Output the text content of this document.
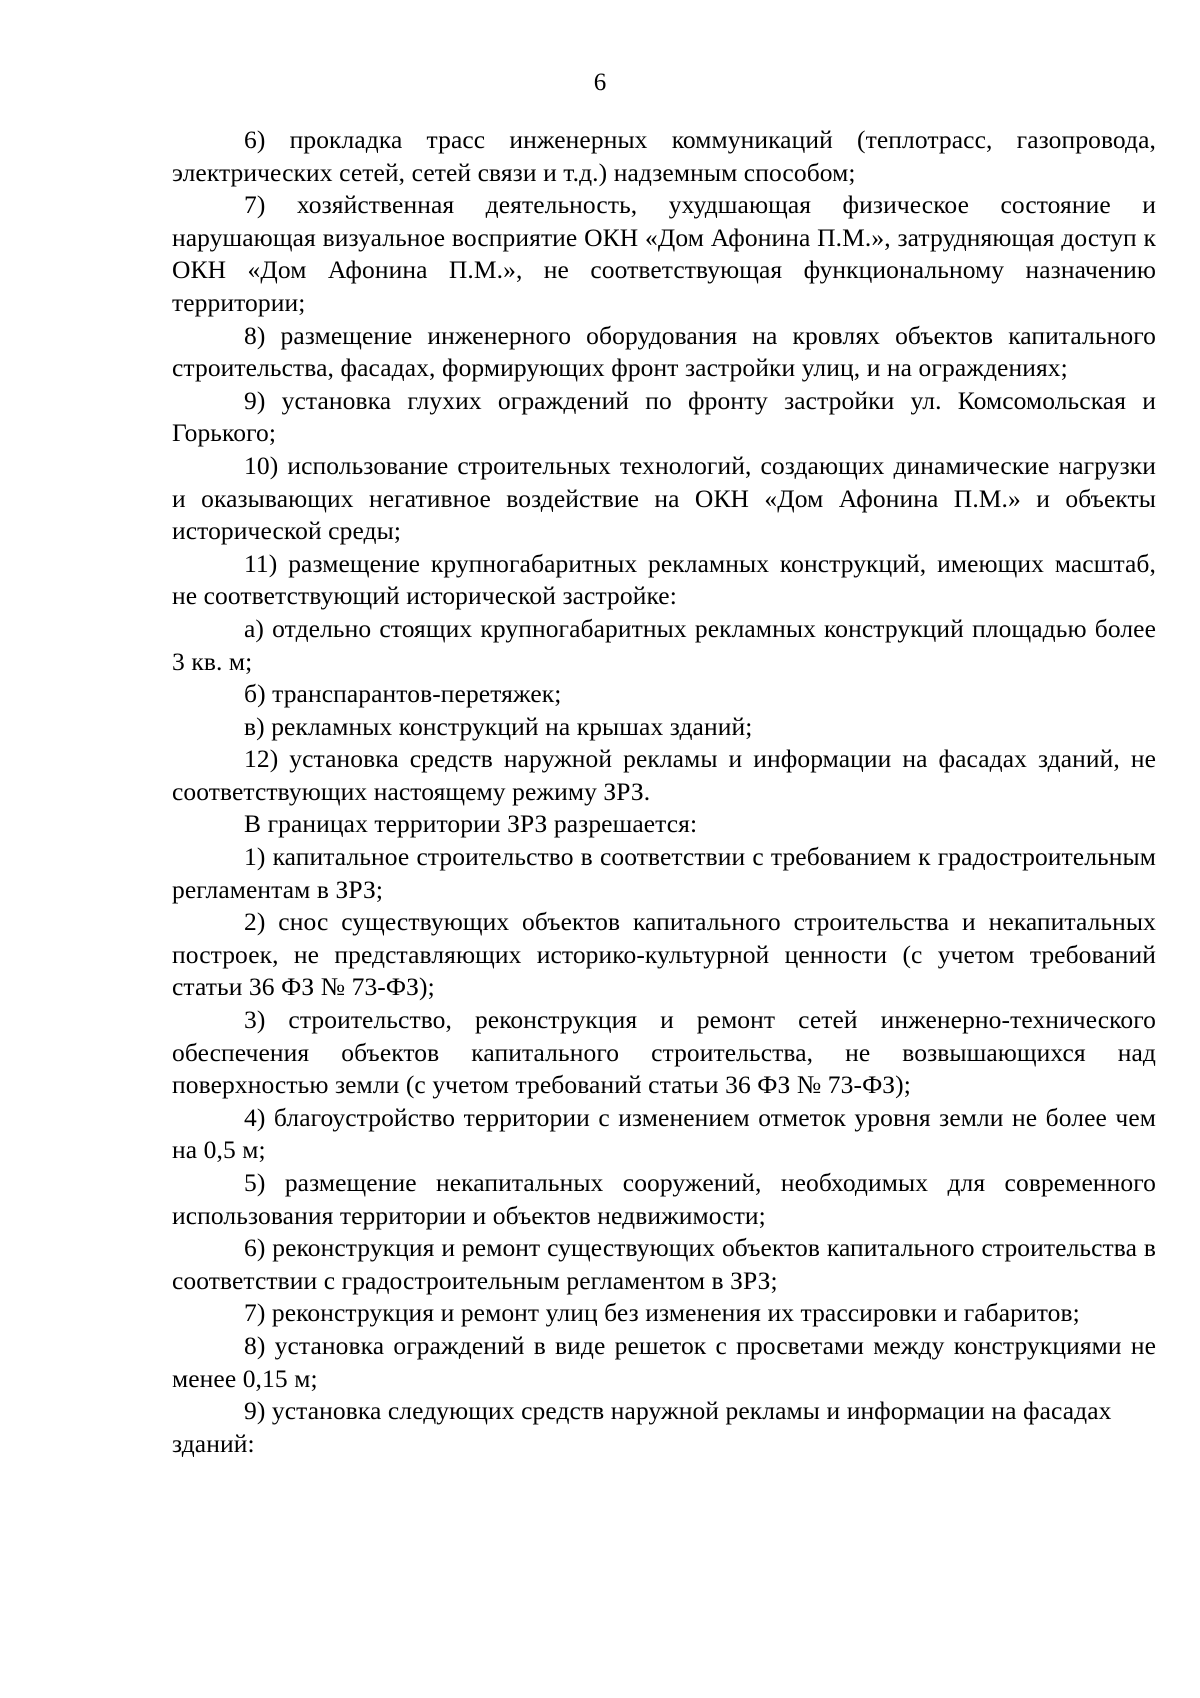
6

6) прокладка трасс инженерных коммуникаций (теплотрасс, газопровода, электрических сетей, сетей связи и т.д.) надземным способом;

7) хозяйственная деятельность, ухудшающая физическое состояние и нарушающая визуальное восприятие ОКН «Дом Афонина П.М.», затрудняющая доступ к ОКН «Дом Афонина П.М.», не соответствующая функциональному назначению территории;

8) размещение инженерного оборудования на кровлях объектов капитального строительства, фасадах, формирующих фронт застройки улиц, и на ограждениях;

9) установка глухих ограждений по фронту застройки ул. Комсомольская и Горького;

10) использование строительных технологий, создающих динамические нагрузки и оказывающих негативное воздействие на ОКН «Дом Афонина П.М.» и объекты исторической среды;

11) размещение крупногабаритных рекламных конструкций, имеющих масштаб, не соответствующий исторической застройке:

а) отдельно стоящих крупногабаритных рекламных конструкций площадью более 3 кв. м;

б) транспарантов-перетяжек;

в) рекламных конструкций на крышах зданий;

12) установка средств наружной рекламы и информации на фасадах зданий, не соответствующих настоящему режиму ЗРЗ.

В границах территории ЗРЗ разрешается:

1) капитальное строительство в соответствии с требованием к градостроительным регламентам в ЗРЗ;

2) снос существующих объектов капитального строительства и некапитальных построек, не представляющих историко-культурной ценности (с учетом требований статьи 36 ФЗ № 73-ФЗ);

3) строительство, реконструкция и ремонт сетей инженерно-технического обеспечения объектов капитального строительства, не возвышающихся над поверхностью земли (с учетом требований статьи 36 ФЗ № 73-ФЗ);

4) благоустройство территории с изменением отметок уровня земли не более чем на 0,5 м;

5) размещение некапитальных сооружений, необходимых для современного использования территории и объектов недвижимости;

6) реконструкция и ремонт существующих объектов капитального строительства в соответствии с градостроительным регламентом в ЗРЗ;

7) реконструкция и ремонт улиц без изменения их трассировки и габаритов;

8) установка ограждений в виде решеток с просветами между конструкциями не менее 0,15 м;

9) установка следующих средств наружной рекламы и информации на фасадах зданий:
